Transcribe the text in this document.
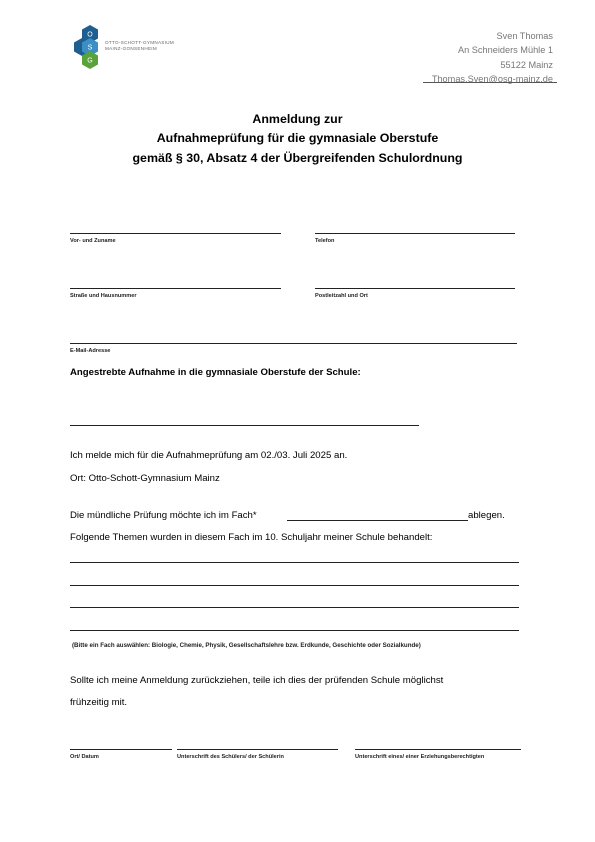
O
S
G
OTTO-SCHOTT-GYMNASIUM
MAINZ-GONSENHEIM
Sven Thomas
An Schneiders Mühle 1
55122 Mainz
Thomas.Sven@osg-mainz.de
Anmeldung zur
Aufnahmeprüfung für die gymnasiale Oberstufe
gemäß § 30, Absatz 4 der Übergreifenden Schulordnung
Vor- und Zuname	Telefon
Straße und Hausnummer	Postleitzahl und Ort
E-Mail-Adresse
Angestrebte Aufnahme in die gymnasiale Oberstufe der Schule:
Ich melde mich für die Aufnahmeprüfung am 02./03. Juli 2025 an.
Ort: Otto-Schott-Gymnasium Mainz
Die mündliche Prüfung möchte ich im Fach*	ablegen.
Folgende Themen wurden in diesem Fach im 10. Schuljahr meiner Schule behandelt:
(Bitte ein Fach auswählen: Biologie, Chemie, Physik, Gesellschaftslehre bzw. Erdkunde, Geschichte oder Sozialkunde)
Sollte ich meine Anmeldung zurückziehen, teile ich dies der prüfenden Schule möglichst
frühzeitig mit.
Ort/ Datum	Unterschrift des Schülers/ der Schülerin	Unterschrift eines/ einer Erziehungsberechtigten
